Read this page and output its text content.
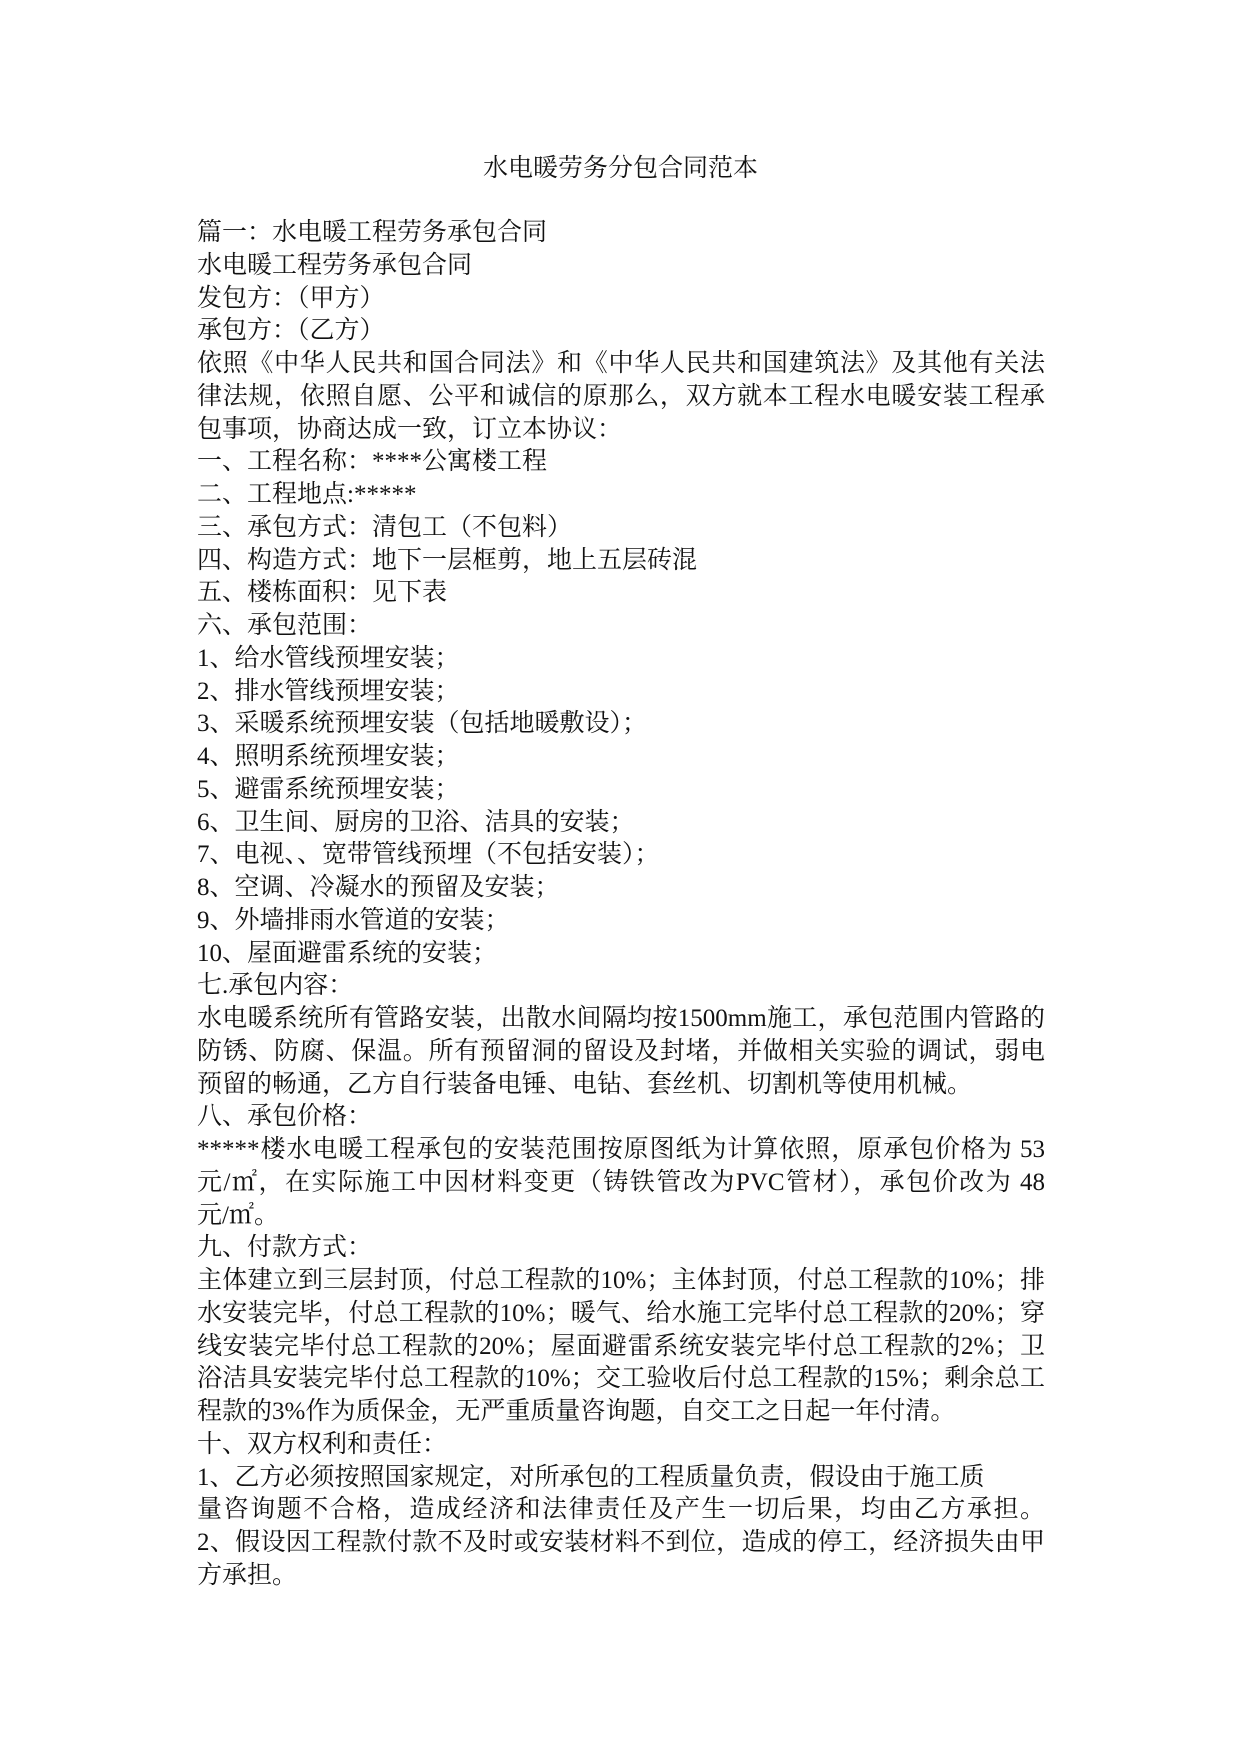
水电暖劳务分包合同范本
篇一：水电暖工程劳务承包合同
水电暖工程劳务承包合同
发包方：（甲方）
承包方：（乙方）
依照《中华人民共和国合同法》和《中华人民共和国建筑法》及其他有关法
律法规，依照自愿、公平和诚信的原那么，双方就本工程水电暖安装工程承
包事项，协商达成一致，订立本协议：
一、工程名称：****公寓楼工程
二、工程地点:*****
三、承包方式：清包工（不包料）
四、构造方式：地下一层框剪，地上五层砖混
五、楼栋面积：见下表
六、承包范围：
1、给水管线预埋安装；
2、排水管线预埋安装；
3、采暖系统预埋安装（包括地暖敷设）；
4、照明系统预埋安装；
5、避雷系统预埋安装；
6、卫生间、厨房的卫浴、洁具的安装；
7、电视、、宽带管线预埋（不包括安装）；
8、空调、冷凝水的预留及安装；
9、外墙排雨水管道的安装；
10、屋面避雷系统的安装；
七.承包内容：
水电暖系统所有管路安装，出散水间隔均按1500mm施工，承包范围内管路的
防锈、防腐、保温。所有预留洞的留设及封堵，并做相关实验的调试，弱电
预留的畅通，乙方自行装备电锤、电钻、套丝机、切割机等使用机械。
八、承包价格：
*****楼水电暖工程承包的安装范围按原图纸为计算依照，原承包价格为 53
元/㎡，在实际施工中因材料变更（铸铁管改为PVC管材），承包价改为 48
元/㎡。
九、付款方式：
主体建立到三层封顶，付总工程款的10%；主体封顶，付总工程款的10%；排
水安装完毕，付总工程款的10%；暖气、给水施工完毕付总工程款的20%；穿
线安装完毕付总工程款的20%；屋面避雷系统安装完毕付总工程款的2%；卫
浴洁具安装完毕付总工程款的10%；交工验收后付总工程款的15%；剩余总工
程款的3%作为质保金，无严重质量咨询题，自交工之日起一年付清。
十、双方权利和责任：
1、乙方必须按照国家规定，对所承包的工程质量负责，假设由于施工质
量咨询题不合格，造成经济和法律责任及产生一切后果，均由乙方承担。
2、假设因工程款付款不及时或安装材料不到位，造成的停工，经济损失由甲
方承担。
